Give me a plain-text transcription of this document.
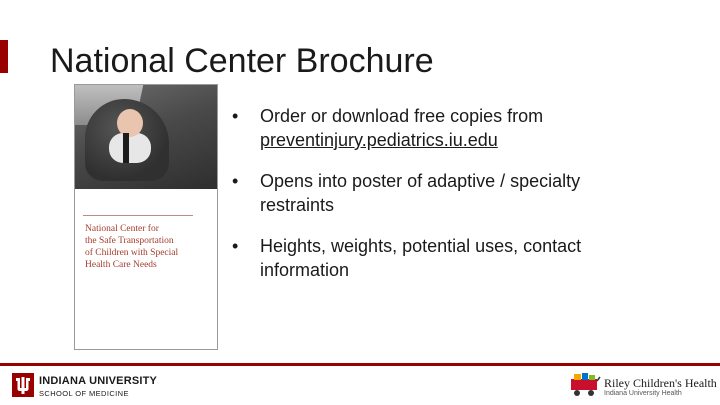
National Center Brochure
National Center for
the Safe Transportation
of Children with Special
Health Care Needs
• Order or download free copies from
preventinjury.pediatrics.iu.edu
• Opens into poster of adaptive / specialty
restraints
• Heights, weights, potential uses, contact
information
INDIANA UNIVERSITY
SCHOOL OF MEDICINE
Riley Children's Health
Indiana University Health
